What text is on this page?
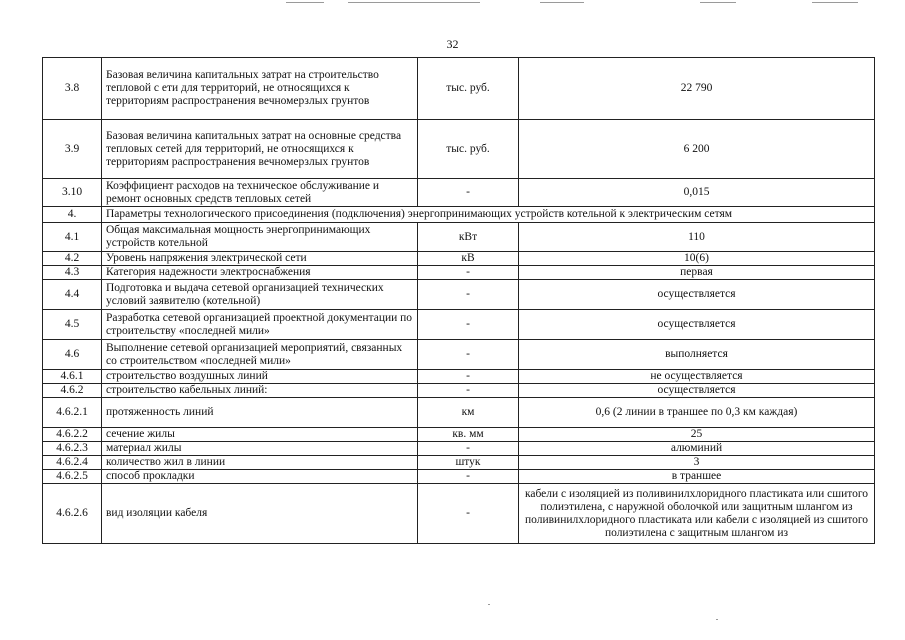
32
3.8	Базовая величина капитальных затрат на строительство тепловой с ети для территорий, не относящихся к территориям распространения вечномерзлых грунтов	тыс. руб.	22 790
3.9	Базовая величина капитальных затрат на основные средства тепловых сетей для территорий, не относящихся к территориям распространения вечномерзлых грунтов	тыс. руб.	6 200
3.10	Коэффициент расходов на техническое обслуживание и ремонт основных средств тепловых сетей	-	0,015
4.	Параметры технологического присоединения (подключения) энергопринимающих устройств котельной к электрическим сетям		
4.1	Общая максимальная мощность энергопринимающих устройств котельной	кВт	110
4.2	Уровень напряжения электрической сети	кВ	10(6)
4.3	Категория надежности электроснабжения	-	первая
4.4	Подготовка и выдача сетевой организацией технических условий заявителю (котельной)	-	осуществляется
4.5	Разработка сетевой организацией проектной документации по строительству «последней мили»	-	осуществляется
4.6	Выполнение сетевой организацией мероприятий, связанных со строительством «последней мили»	-	выполняется
4.6.1	строительство воздушных линий	-	не осуществляется
4.6.2	строительство кабельных линий:	-	осуществляется
4.6.2.1	протяженность линий	км	0,6 (2 линии в траншее по 0,3 км каждая)
4.6.2.2	сечение жилы	кв. мм	25
4.6.2.3	материал жилы	-	алюминий
4.6.2.4	количество жил в линии	штук	3
4.6.2.5	способ прокладки	-	в траншее
4.6.2.6	вид изоляции кабеля	-	кабели с изоляцией из поливинилхлоридного пластиката или сшитого полиэтилена, с наружной оболочкой или защитным шлангом из поливинилхлоридного пластиката или кабели с изоляцией из сшитого полиэтилена с защитным шлангом из
